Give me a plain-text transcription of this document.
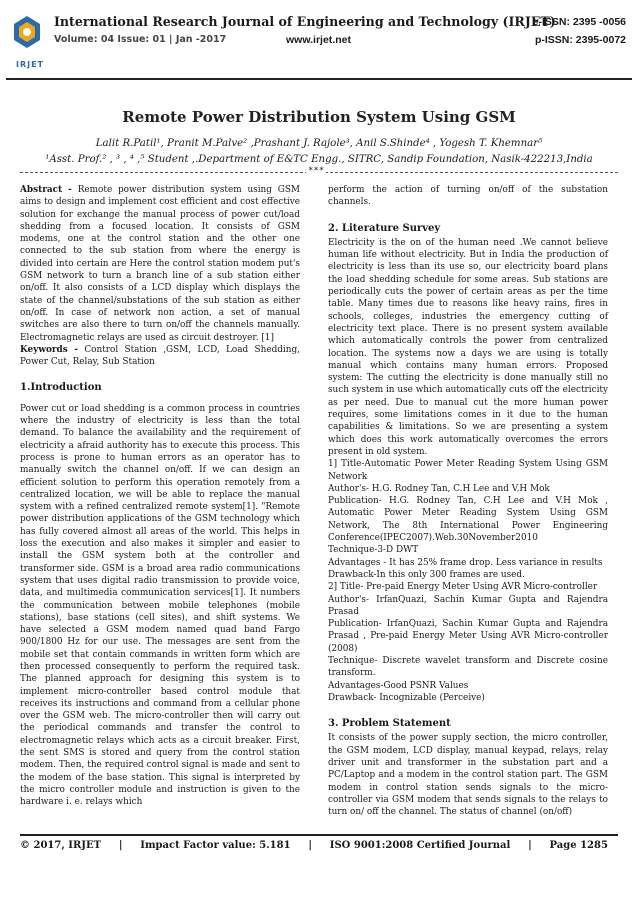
International Research Journal of Engineering and Technology (IRJET)
e-ISSN: 2395 -0056
Volume: 04 Issue: 01 | Jan -2017	www.irjet.net	p-ISSN: 2395-0072
IRJET
Remote Power Distribution System Using GSM
Lalit R.Patil¹, Pranit M.Palve² ,Prashant J. Rajole³, Anil S.Shinde⁴ , Yogesh T. Khemnar⁵
¹Asst. Prof.² , ³ , ⁴ ,⁵ Student ,.Department of E&TC Engg., SITRC, Sandip Foundation, Nasik-422213,India
***

Abstract - Remote power distribution system using GSM aims to design and implement cost efficient and cost effective solution for exchange the manual process of power cut/load shedding from a focused location. It consists of GSM modems, one at the control station and the other one connected to the sub station from where the energy is divided into certain are Here the control station modem put's GSM network to turn a branch line of a sub station either on/off. It also consists of a LCD display which displays the state of the channel/substations of the sub station as either on/off. In case of network non action, a set of manual switches are also there to turn on/off the channels manually. Electromagnetic relays are used as circuit destroyer. [1]

Keywords - Control Station ,GSM, LCD, Load Shedding, Power Cut, Relay, Sub Station

1.Introduction

Power cut or load shedding is a common process in countries where the industry of electricity is less than the total demand. To balance the availability and the requirement of electricity a afraid authority has to execute this process. This process is prone to human errors as an operator has to manually switch the channel on/off. If we can design an efficient solution to perform this operation remotely from a centralized location, we will be able to replace the manual system with a refined centralized remote system[1]. "Remote power distribution applications of the GSM technology which has fully covered almost all areas of the world. This helps in loss the execution and also makes it simpler and easier to install the GSM system both at the controller and transformer side. GSM is a broad area radio communications system that uses digital radio transmission to provide voice, data, and multimedia communication services[1]. It numbers the communication between mobile telephones (mobile stations), base stations (cell sites), and shift systems. We have selected a GSM modem named quad band Fargo 900/1800 Hz for our use. The messages are sent from the mobile set that contain commands in written form which are then processed consequently to perform the required task. The planned approach for designing this system is to implement micro-controller based control module that receives its instructions and command from a cellular phone over the GSM web. The micro-controller then will carry out the periodical commands and transfer the control to electromagnetic relays which acts as a circuit breaker. First, the sent SMS is stored and query from the control station modem. Then, the required control signal is made and sent to the modem of the base station. This signal is interpreted by the micro controller module and instruction is given to the hardware i. e. relays which

perform the action of turning on/off of the substation channels.

2. Literature Survey

Electricity is the on of the human need .We cannot believe human life without electricity. But in India the production of electricity is less than its use so, our electricity board plans the load shedding schedule for some areas. Sub stations are periodically cuts the power of certain areas as per the time table. Many times due to reasons like heavy rains, fires in schools, colleges, industries the emergency cutting of electricity text place. There is no present system available which automatically controls the power from centralized location. The systems now a days we are using is totally manual which contains many human errors. Proposed system: The cutting the electricity is done manually still no such system in use which automatically cuts off the electricity as per need. Due to manual cut the more human power requires, some limitations comes in it due to the human capabilities & limitations. So we are presenting a system which does this work automatically overcomes the errors present in old system.

1] Title-Automatic Power Meter Reading System Using GSM Network

Author's- H.G. Rodney Tan, C.H Lee and V.H Mok

Publication- H.G. Rodney Tan, C.H Lee and V.H Mok , Automatic Power Meter Reading System Using GSM Network, The 8th International Power Engineering Conference(IPEC2007).Web.30November2010

Technique-3-D DWT

Advantages - It has 25% frame drop. Less variance in results

Drawback-In this only 300 frames are used.

2] Title- Pre-paid Energy Meter Using AVR Micro-controller

Author's- IrfanQuazi, Sachin Kumar Gupta and Rajendra Prasad

Publication- IrfanQuazi, Sachin Kumar Gupta and Rajendra Prasad , Pre-paid Energy Meter Using AVR Micro-controller (2008)

Technique- Discrete wavelet transform and Discrete cosine transform.

Advantages-Good PSNR Values

Drawback- Incognizable (Perceive)

3. Problem Statement

It consists of the power supply section, the micro controller, the GSM modem, LCD display, manual keypad, relays, relay driver unit and transformer in the substation part and a PC/Laptop and a modem in the control station part. The GSM modem in control station sends signals to the micro-controller via GSM modem that sends signals to the relays to turn on/ off the channel. The status of channel (on/off)

© 2017, IRJET | Impact Factor value: 5.181 | ISO 9001:2008 Certified Journal | Page 1285
